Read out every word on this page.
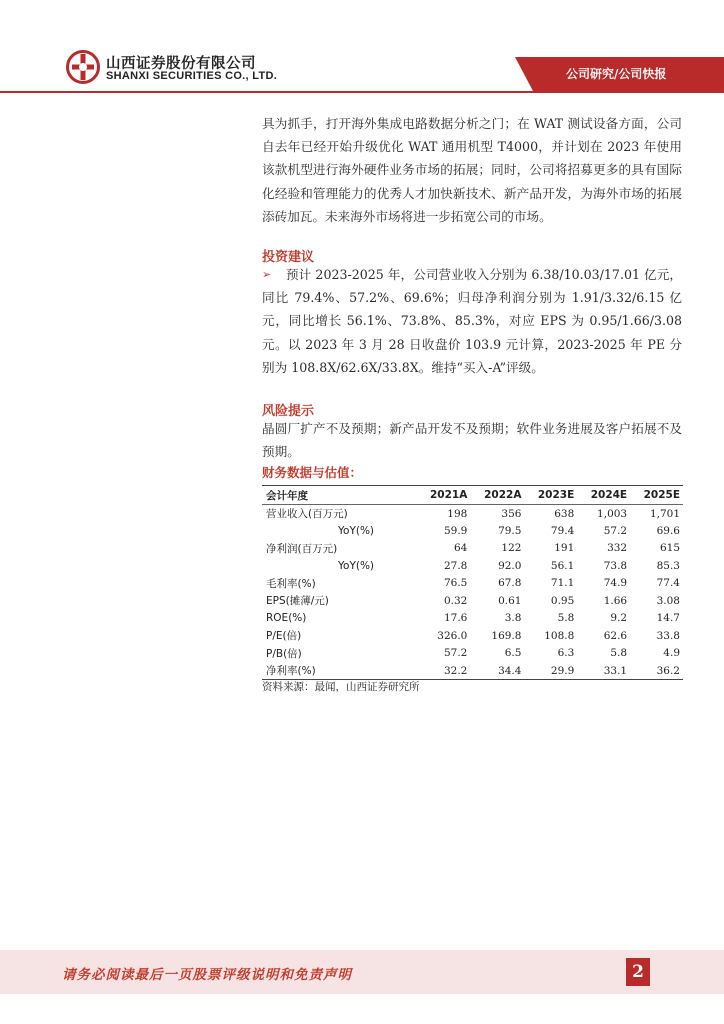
山西证券股份有限公司
SHANXI SECURITIES CO., LTD.	公司研究/公司快报
具为抓手，打开海外集成电路数据分析之门；在 WAT 测试设备方面，公司自去年已经开始升级优化 WAT 通用机型 T4000，并计划在 2023 年使用该款机型进行海外硬件业务市场的拓展；同时，公司将招募更多的具有国际化经验和管理能力的优秀人才加快新技术、新产品开发，为海外市场的拓展添砖加瓦。未来海外市场将进一步拓宽公司的市场。
投资建议
➢	预计 2023-2025 年，公司营业收入分别为 6.38/10.03/17.01 亿元，同比 79.4%、57.2%、69.6%；归母净利润分别为 1.91/3.32/6.15 亿元，同比增长 56.1%、73.8%、85.3%，对应 EPS 为 0.95/1.66/3.08 元。以 2023 年 3 月 28 日收盘价 103.9 元计算，2023-2025 年 PE 分别为 108.8X/62.6X/33.8X。维持“买入-A”评级。
风险提示
晶圆厂扩产不及预期；新产品开发不及预期；软件业务进展及客户拓展不及预期。
财务数据与估值：
会计年度	2021A	2022A	2023E	2024E	2025E
营业收入(百万元)	198	356	638	1,003	1,701
YoY(%)	59.9	79.5	79.4	57.2	69.6
净利润(百万元)	64	122	191	332	615
YoY(%)	27.8	92.0	56.1	73.8	85.3
毛利率(%)	76.5	67.8	71.1	74.9	77.4
EPS(摊薄/元)	0.32	0.61	0.95	1.66	3.08
ROE(%)	17.6	3.8	5.8	9.2	14.7
P/E(倍)	326.0	169.8	108.8	62.6	33.8
P/B(倍)	57.2	6.5	6.3	5.8	4.9
净利率(%)	32.2	34.4	29.9	33.1	36.2
资料来源：最闻，山西证券研究所
请务必阅读最后一页股票评级说明和免责声明	2
